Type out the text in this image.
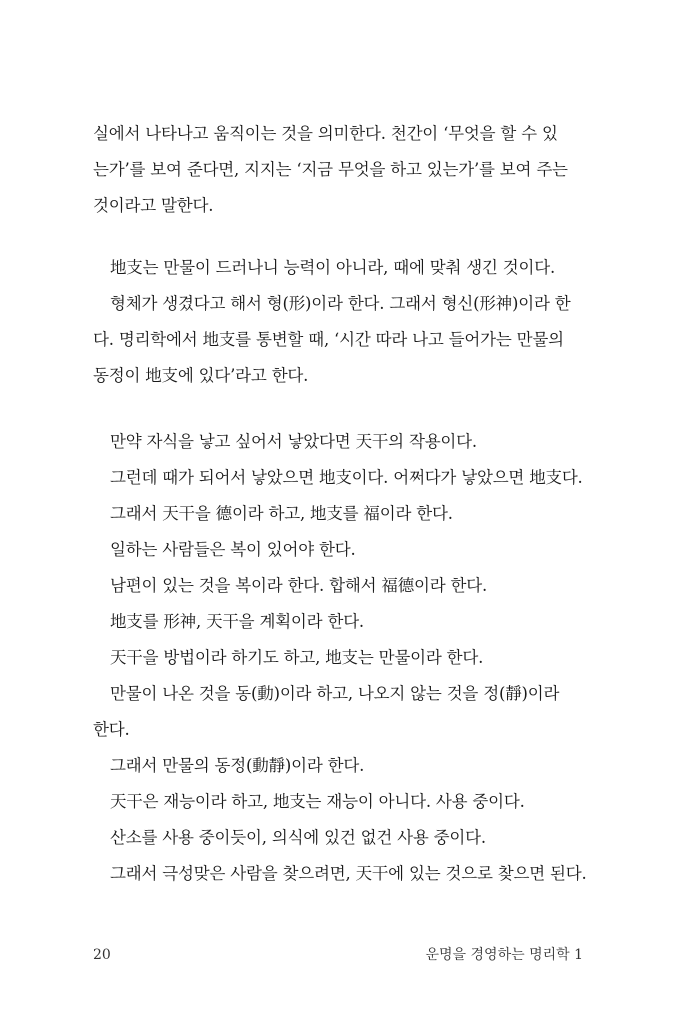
실에서 나타나고 움직이는 것을 의미한다. 천간이 ‘무엇을 할 수 있
는가’를 보여 준다면, 지지는 ‘지금 무엇을 하고 있는가’를 보여 주는
것이라고 말한다.
地支는 만물이 드러나니 능력이 아니라, 때에 맞춰 생긴 것이다.
형체가 생겼다고 해서 형(形)이라 한다. 그래서 형신(形神)이라 한
다. 명리학에서 地支를 통변할 때, ‘시간 따라 나고 들어가는 만물의
동정이 地支에 있다’라고 한다.
만약 자식을 낳고 싶어서 낳았다면 天干의 작용이다.
그런데 때가 되어서 낳았으면 地支이다. 어쩌다가 낳았으면 地支다.
그래서 天干을 德이라 하고, 地支를 福이라 한다.
일하는 사람들은 복이 있어야 한다.
남편이 있는 것을 복이라 한다. 합해서 福德이라 한다.
地支를 形神, 天干을 계획이라 한다.
天干을 방법이라 하기도 하고, 地支는 만물이라 한다.
만물이 나온 것을 동(動)이라 하고, 나오지 않는 것을 정(靜)이라
한다.
그래서 만물의 동정(動靜)이라 한다.
天干은 재능이라 하고, 地支는 재능이 아니다. 사용 중이다.
산소를 사용 중이듯이, 의식에 있건 없건 사용 중이다.
그래서 극성맞은 사람을 찾으려면, 天干에 있는 것으로 찾으면 된다.
20	운명을 경영하는 명리학 1
